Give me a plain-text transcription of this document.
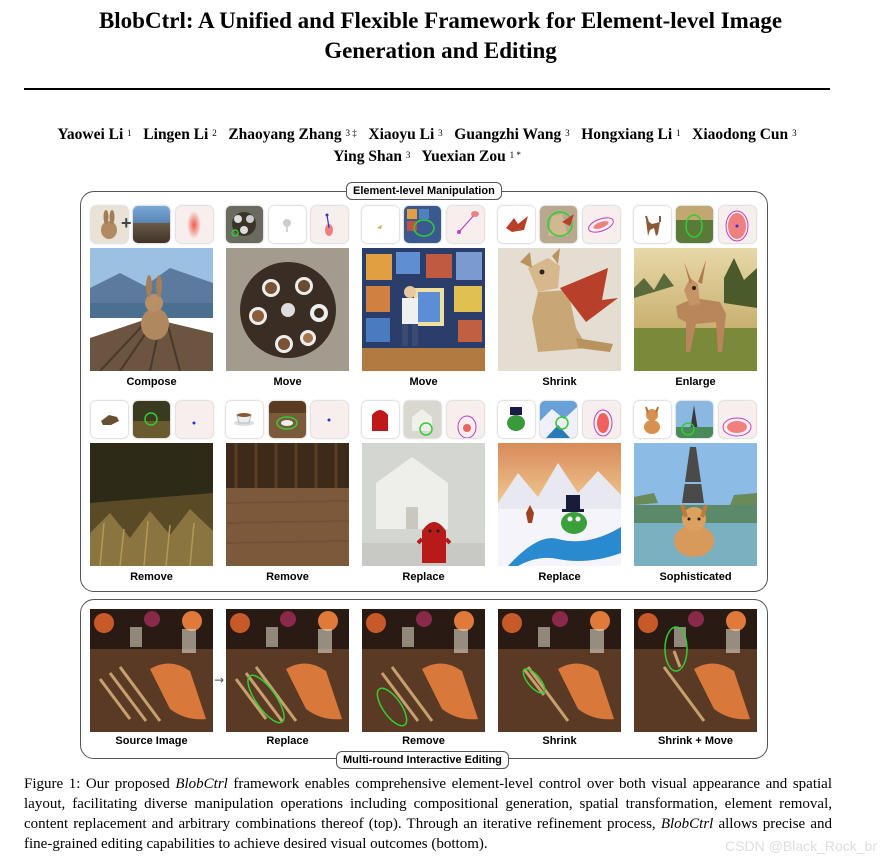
BlobCtrl: A Unified and Flexible Framework for Element-level Image
Generation and Editing
Yaowei Li $^1$ Lingen Li $^2$ Zhaoyang Zhang $^{3 \ddagger}$ Xiaoyu Li $^3$ Guangzhi Wang $^3$ Hongxiang Li $^1$ Xiaodong Cun $^3$
Ying Shan $^3$ Yuexian Zou $^{1 *}$
Element-level Manipulation
Multi-round Interactive Editing
+
Compose	Move	Move	Shrink	Enlarge
Remove	Remove	Replace	Replace	Sophisticated
Source Image
→
Replace	Remove	Shrink	Shrink + Move
Figure 1: Our proposed BlobCtrl framework enables comprehensive element-level control over both visual appearance and spatial layout, facilitating diverse manipulation operations including compositional generation, spatial transformation, element removal, content replacement and arbitrary combinations thereof (top). Through an iterative refinement process, BlobCtrl allows precise and fine-grained editing capabilities to achieve desired visual outcomes (bottom).	CSDN @Black_Rock_br
